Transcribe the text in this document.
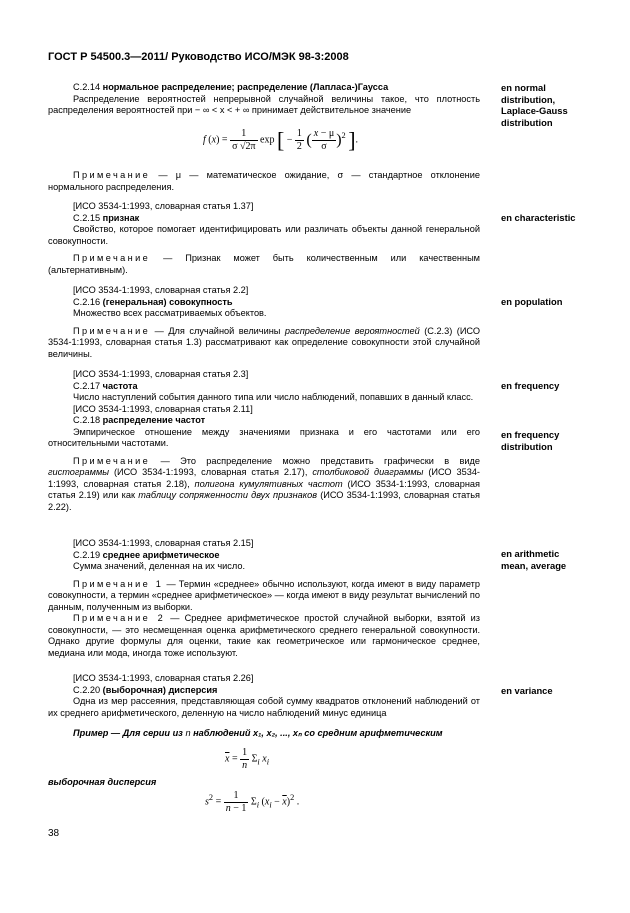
ГОСТ Р 54500.3—2011/ Руководство ИСО/МЭК 98-3:2008

С.2.14 нормальное распределение; распределение (Лапласа-)Гаусса

Распределение вероятностей непрерывной случайной величины такое, что плотность распределения вероятностей при − ∞ < x < + ∞ принимает действительное значение

en normal distribution, Laplace-Gauss distribution
f $(x) = \frac{1}{\sigma √2\pi}$ exp [ − $\frac{1}{2}$ ( $\frac{x - \mu}{\sigma} )^2$ ].

Примечание — μ — математическое ожидание, σ — стандартное отклонение нормального распределения.

[ИСО 3534-1:1993, словарная статья 1.37]

С.2.15 признак

Свойство, которое помогает идентифицировать или различать объекты данной генеральной совокупности.

Примечание — Признак может быть количественным или качественным (альтернативным).

en characteristic

[ИСО 3534-1:1993, словарная статья 2.2]

С.2.16 (генеральная) совокупность

Множество всех рассматриваемых объектов.

Примечание — Для случайной величины распределение вероятностей (С.2.3) (ИСО 3534-1:1993, словарная статья 1.3) рассматривают как определение совокупности этой случайной величины.

en population

[ИСО 3534-1:1993, словарная статья 2.3]

С.2.17 частота

Число наступлений события данного типа или число наблюдений, попавших в данный класс.

[ИСО 3534-1:1993, словарная статья 2.11]

С.2.18 распределение частот

Эмпирическое отношение между значениями признака и его частотами или его относительными частотами.

Примечание — Это распределение можно представить графически в виде гистограммы (ИСО 3534-1:1993, словарная статья 2.17), столбиковой диаграммы (ИСО 3534-1:1993, словарная статья 2.18), полигона кумулятивных частот (ИСО 3534-1:1993, словарная статья 2.19) или как таблицу сопряженности двух признаков (ИСО 3534-1:1993, словарная статья 2.22).

en frequency
en frequency distribution

[ИСО 3534-1:1993, словарная статья 2.15]

С.2.19 среднее арифметическое

Сумма значений, деленная на их число.

Примечание 1 — Термин «среднее» обычно используют, когда имеют в виду параметр совокупности, а термин «среднее арифметическое» — когда имеют в виду результат вычислений по данным, полученным из выборки.

Примечание 2 — Среднее арифметическое простой случайной выборки, взятой из совокупности, — это несмещенная оценка арифметического среднего генеральной совокупности. Однако другие формулы для оценки, такие как геометрическое или гармоническое среднее, медиана или мода, иногда тоже используют.

en arithmetic mean, average

[ИСО 3534-1:1993, словарная статья 2.26]

С.2.20 (выборочная) дисперсия

Одна из мер рассеяния, представляющая собой сумму квадратов отклонений наблюдений от их среднего арифметического, деленную на число наблюдений минус единица

Пример — Для серии из n наблюдений x₁, x₂, ..., xₙ со средним арифметическим

en variance
$\overline{x} = \frac{1}{n} \Sigma_i$ $x_i$

выборочная дисперсия

$s^2 = \frac{1}{n - 1} \Sigma_i$ $(x_i - \overline{x})^2$ .
38
